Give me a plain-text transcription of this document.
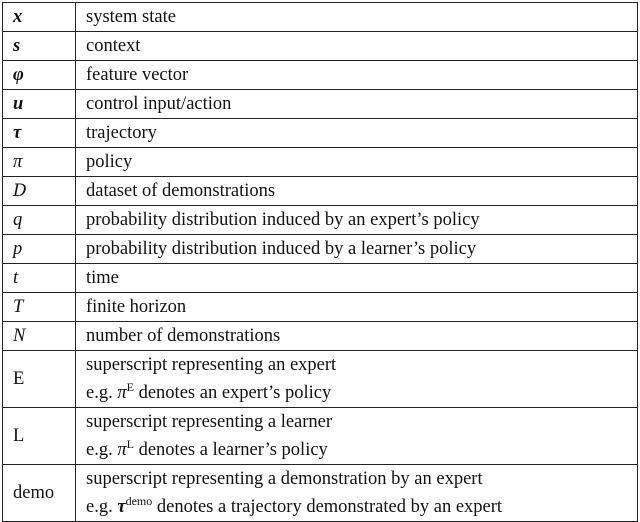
x	system state
s	context
φ	feature vector
u	control input/action
τ	trajectory
π	policy
D	dataset of demonstrations
q	probability distribution induced by an expert’s policy
p	probability distribution induced by a learner’s policy
t	time
T	finite horizon
N	number of demonstrations
E	superscript representing an expert
e.g. $\pi^E$ denotes an expert’s policy

L	superscript representing a learner
e.g. $\pi^L$ denotes a learner’s policy

demo	superscript representing a demonstration by an expert
e.g. $\tau^{demo}$ denotes a trajectory demonstrated by an expert
